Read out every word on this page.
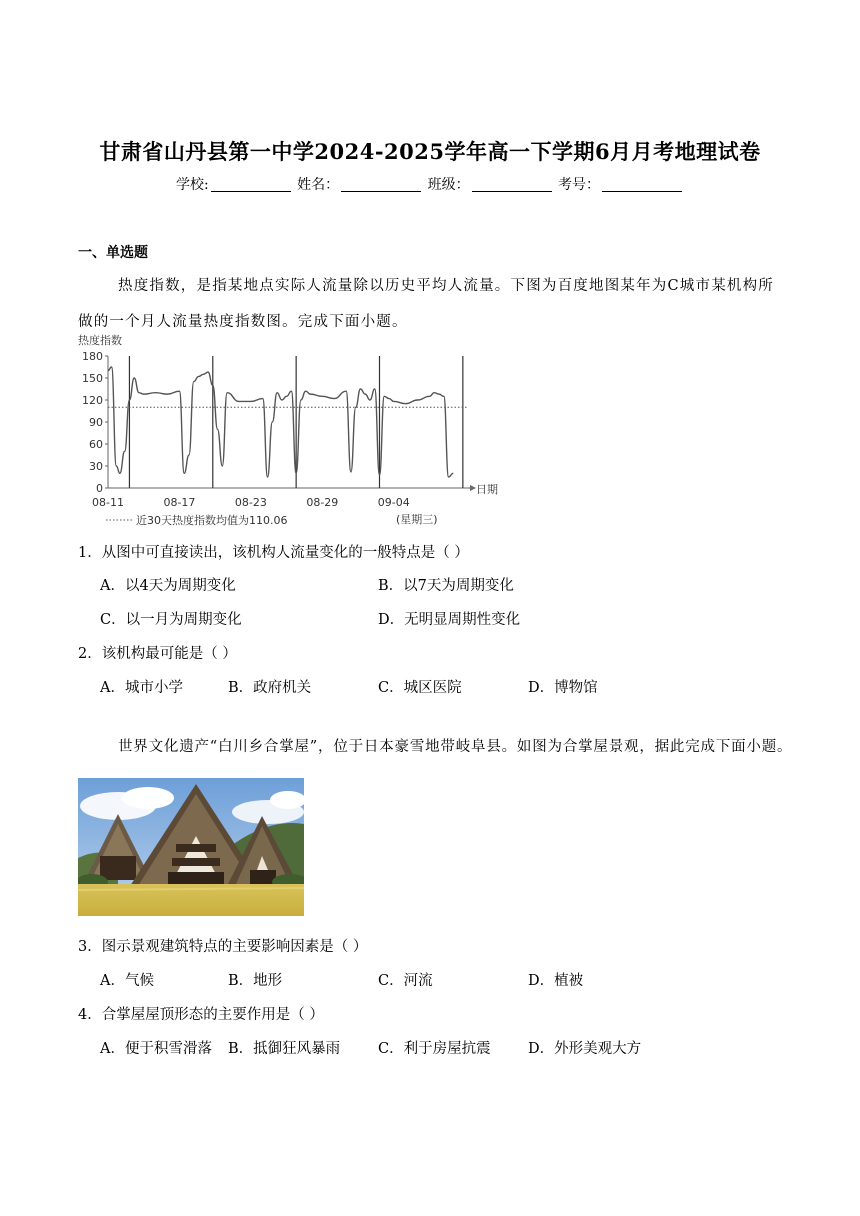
甘肃省山丹县第一中学2024-2025学年高一下学期6月月考地理试卷
学校:	姓名：	班级：	考号：
一、单选题
热度指数，是指某地点实际人流量除以历史平均人流量。下图为百度地图某年为C城市某机构所做的一个月人流量热度指数图。完成下面小题。
热度指数
0
30
60
90
120
150
180
08-11	08-17	08-23	08-29	09-04
日期
近30天热度指数均值为110.06	(星期三)
1．从图中可直接读出，该机构人流量变化的一般特点是（ ）
A．以4天为周期变化	B．以7天为周期变化
C．以一月为周期变化	D．无明显周期性变化
2．该机构最可能是（ ）
A．城市小学	B．政府机关	C．城区医院	D．博物馆
世界文化遗产“白川乡合掌屋”，位于日本豪雪地带岐阜县。如图为合掌屋景观，据此完成下面小题。
3．图示景观建筑特点的主要影响因素是（ ）
A．气候	B．地形	C．河流	D．植被
4．合掌屋屋顶形态的主要作用是（ ）
A．便于积雪滑落 B．抵御狂风暴雨	C．利于房屋抗震	D．外形美观大方
